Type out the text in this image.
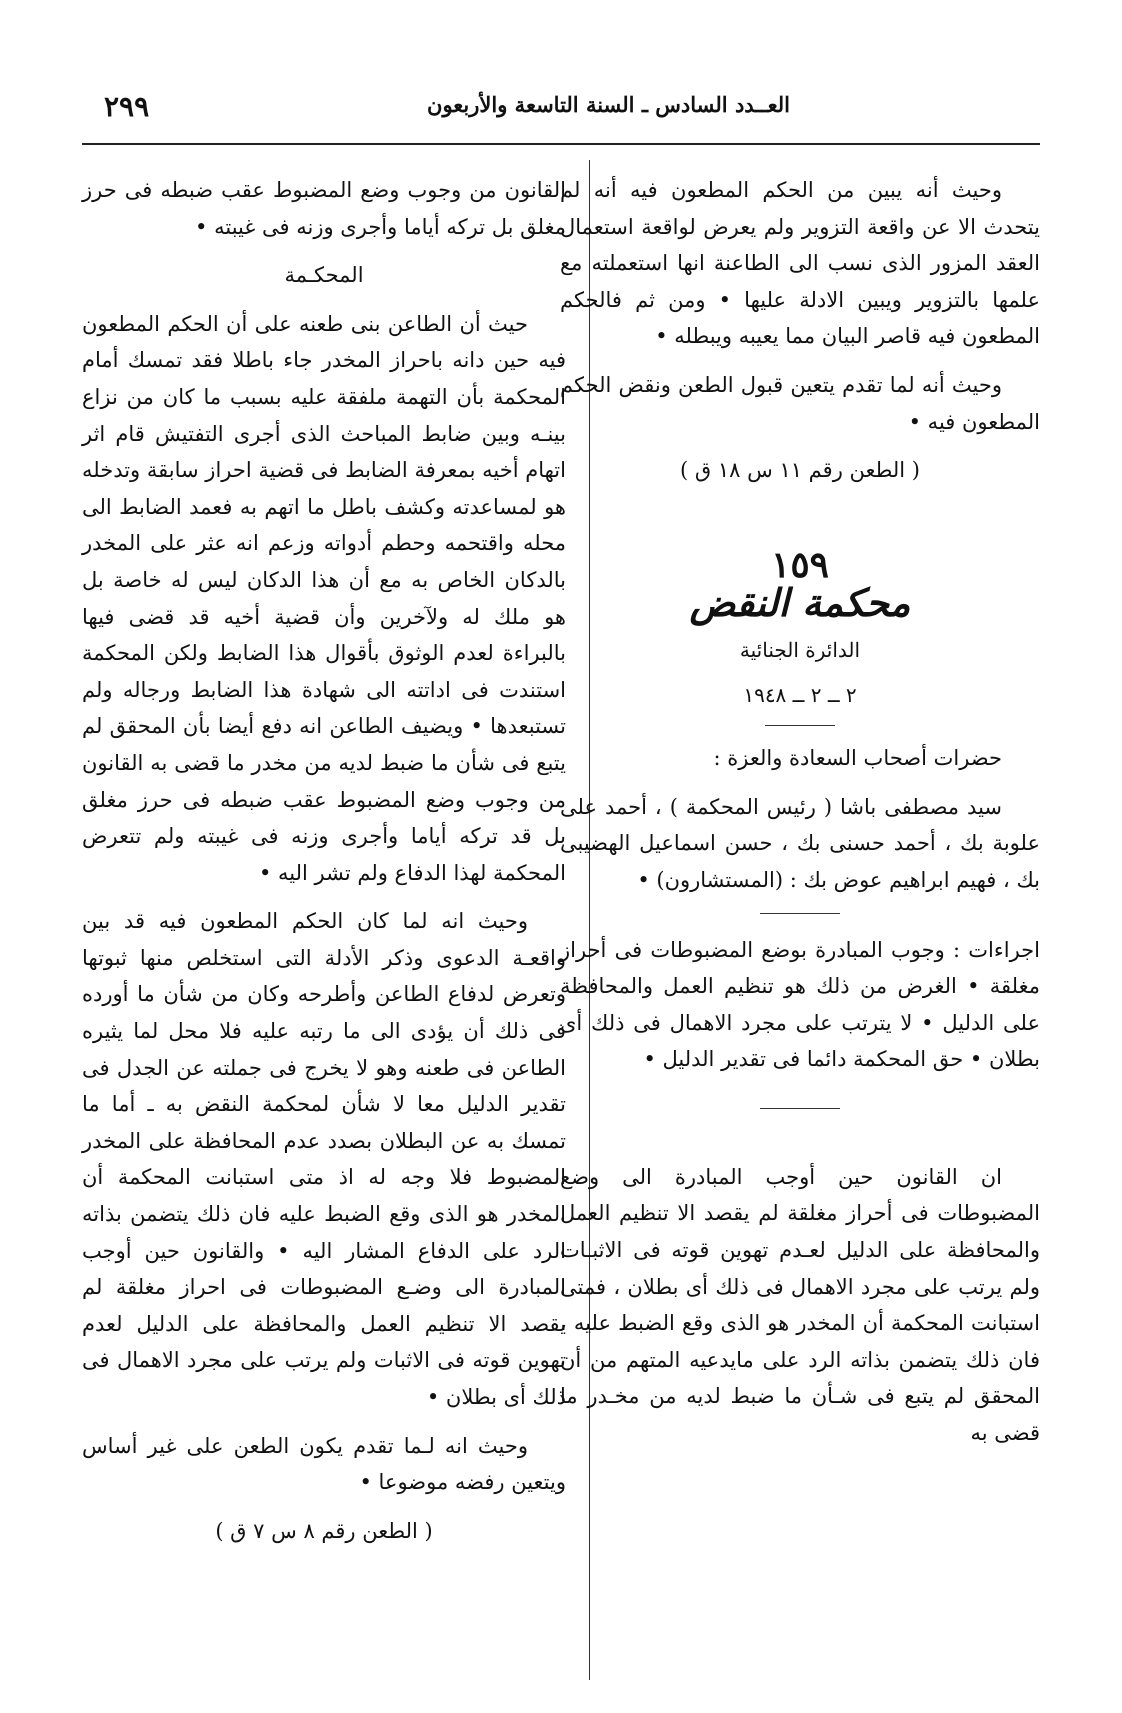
العــدد السادس ـ السنة التاسعة والأربعون
٢٩٩

وحيث أنه يبين من الحكم المطعون فيه أنه لم يتحدث الا عن واقعة التزوير ولم يعرض لواقعة استعمال العقد المزور الذى نسب الى الطاعنة انها استعملته مع علمها بالتزوير ويبين الادلة عليها • ومن ثم فالحكم المطعون فيه قاصر البيان مما يعيبه ويبطله •

وحيث أنه لما تقدم يتعين قبول الطعن ونقض الحكم المطعون فيه •

( الطعن رقم ١١ س ١٨ ق )

١٥٩
محكمة النقض
الدائرة الجنائية
٢ ــ ٢ ــ ١٩٤٨

حضرات أصحاب السعادة والعزة :

سيد مصطفى باشا ( رئيس المحكمة ) ، أحمد على علوبة بك ، أحمد حسنى بك ، حسن اسماعيل الهضيبى بك ، فهيم ابراهيم عوض بك : (المستشارون) •

اجراءات : وجوب المبادرة بوضع المضبوطات فى أحراز مغلقة • الغرض من ذلك هو تنظيم العمل والمحافظة على الدليل • لا يترتب على مجرد الاهمال فى ذلك أى بطلان • حق المحكمة دائما فى تقدير الدليل •

ان القانون حين أوجب المبادرة الى وضع المضبوطات فى أحراز مغلقة لم يقصد الا تنظيم العمل والمحافظة على الدليل لعـدم تهوين قوته فى الاثبـات ولم يرتب على مجرد الاهمال فى ذلك أى بطلان ، فمتى استبانت المحكمة أن المخدر هو الذى وقع الضبط عليه ، فان ذلك يتضمن بذاته الرد على مايدعيه المتهم من أن المحقق لم يتبع فى شـأن ما ضبط لديه من مخـدر ما قضى به

القانون من وجوب وضع المضبوط عقب ضبطه فى حرز مغلق بل تركه أياما وأجرى وزنه فى غيبته •

المحكـمة

حيث أن الطاعن بنى طعنه على أن الحكم المطعون فيه حين دانه باحراز المخدر جاء باطلا فقد تمسك أمام المحكمة بأن التهمة ملفقة عليه بسبب ما كان من نزاع بينـه وبين ضابط المباحث الذى أجرى التفتيش قام اثر اتهام أخيه بمعرفة الضابط فى قضية احراز سابقة وتدخله هو لمساعدته وكشف باطل ما اتهم به فعمد الضابط الى محله واقتحمه وحطم أدواته وزعم انه عثر على المخدر بالدكان الخاص به مع أن هذا الدكان ليس له خاصة بل هو ملك له ولآخرين وأن قضية أخيه قد قضى فيها بالبراءة لعدم الوثوق بأقوال هذا الضابط ولكن المحكمة استندت فى اداتته الى شهادة هذا الضابط ورجاله ولم تستبعدها • ويضيف الطاعن انه دفع أيضا بأن المحقق لم يتبع فى شأن ما ضبط لديه من مخدر ما قضى به القانون من وجوب وضع المضبوط عقب ضبطه فى حرز مغلق بل قد تركه أياما وأجرى وزنه فى غيبته ولم تتعرض المحكمة لهذا الدفاع ولم تشر اليه •

وحيث انه لما كان الحكم المطعون فيه قد بين واقعـة الدعوى وذكر الأدلة التى استخلص منها ثبوتها وتعرض لدفاع الطاعن وأطرحه وكان من شأن ما أورده فى ذلك أن يؤدى الى ما رتبه عليه فلا محل لما يثيره الطاعن فى طعنه وهو لا يخرج فى جملته عن الجدل فى تقدير الدليل معا لا شأن لمحكمة النقض به ـ أما ما تمسك به عن البطلان بصدد عدم المحافظة على المخدر المضبوط فلا وجه له اذ متى استبانت المحكمة أن المخدر هو الذى وقع الضبط عليه فان ذلك يتضمن بذاته الرد على الدفاع المشار اليه • والقانون حين أوجب المبادرة الى وضـع المضبوطات فى احراز مغلقة لم يقصد الا تنظيم العمل والمحافظة على الدليل لعدم تهوين قوته فى الاثبات ولم يرتب على مجرد الاهمال فى ذلك أى بطلان •

وحيث انه لـما تقدم يكون الطعن على غير أساس ويتعين رفضه موضوعا •

( الطعن رقم ٨ س ٧ ق )
